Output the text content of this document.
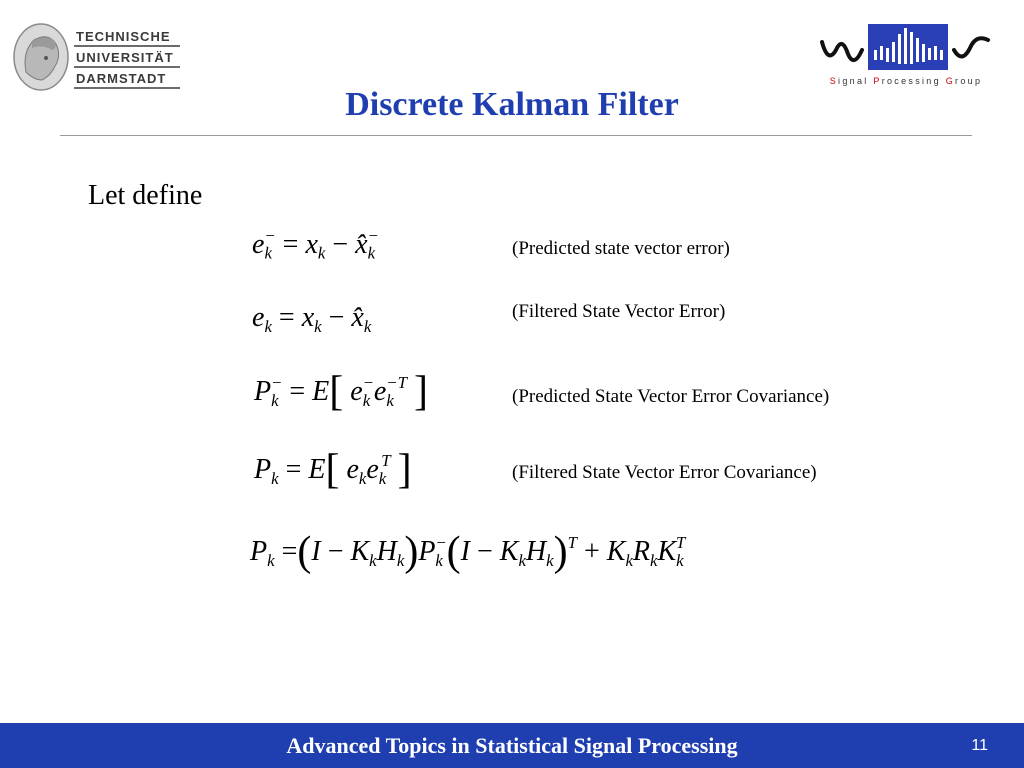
TECHNISCHE
UNIVERSITÄT
DARMSTADT	Signal Processing Group
Discrete Kalman Filter
Let define
$e_k^- = x_k$ − $x̂_k^-$
(Predicted state vector error)
$e_k = x_k$ − $x̂_k$
(Filtered State Vector Error)
$P_k^- = E$[ $e_k^-e_k^{-T}$ ]	(Predicted State Vector Error Covariance)
$P_k = E$[ $e_ke_k^T$ ]	(Filtered State Vector Error Covariance)
$P_k =(I - K_kH_k)P_k^-(I - K_kH_k)^T + K_kR_kK_k^T$
Advanced Topics in Statistical Signal Processing	11
